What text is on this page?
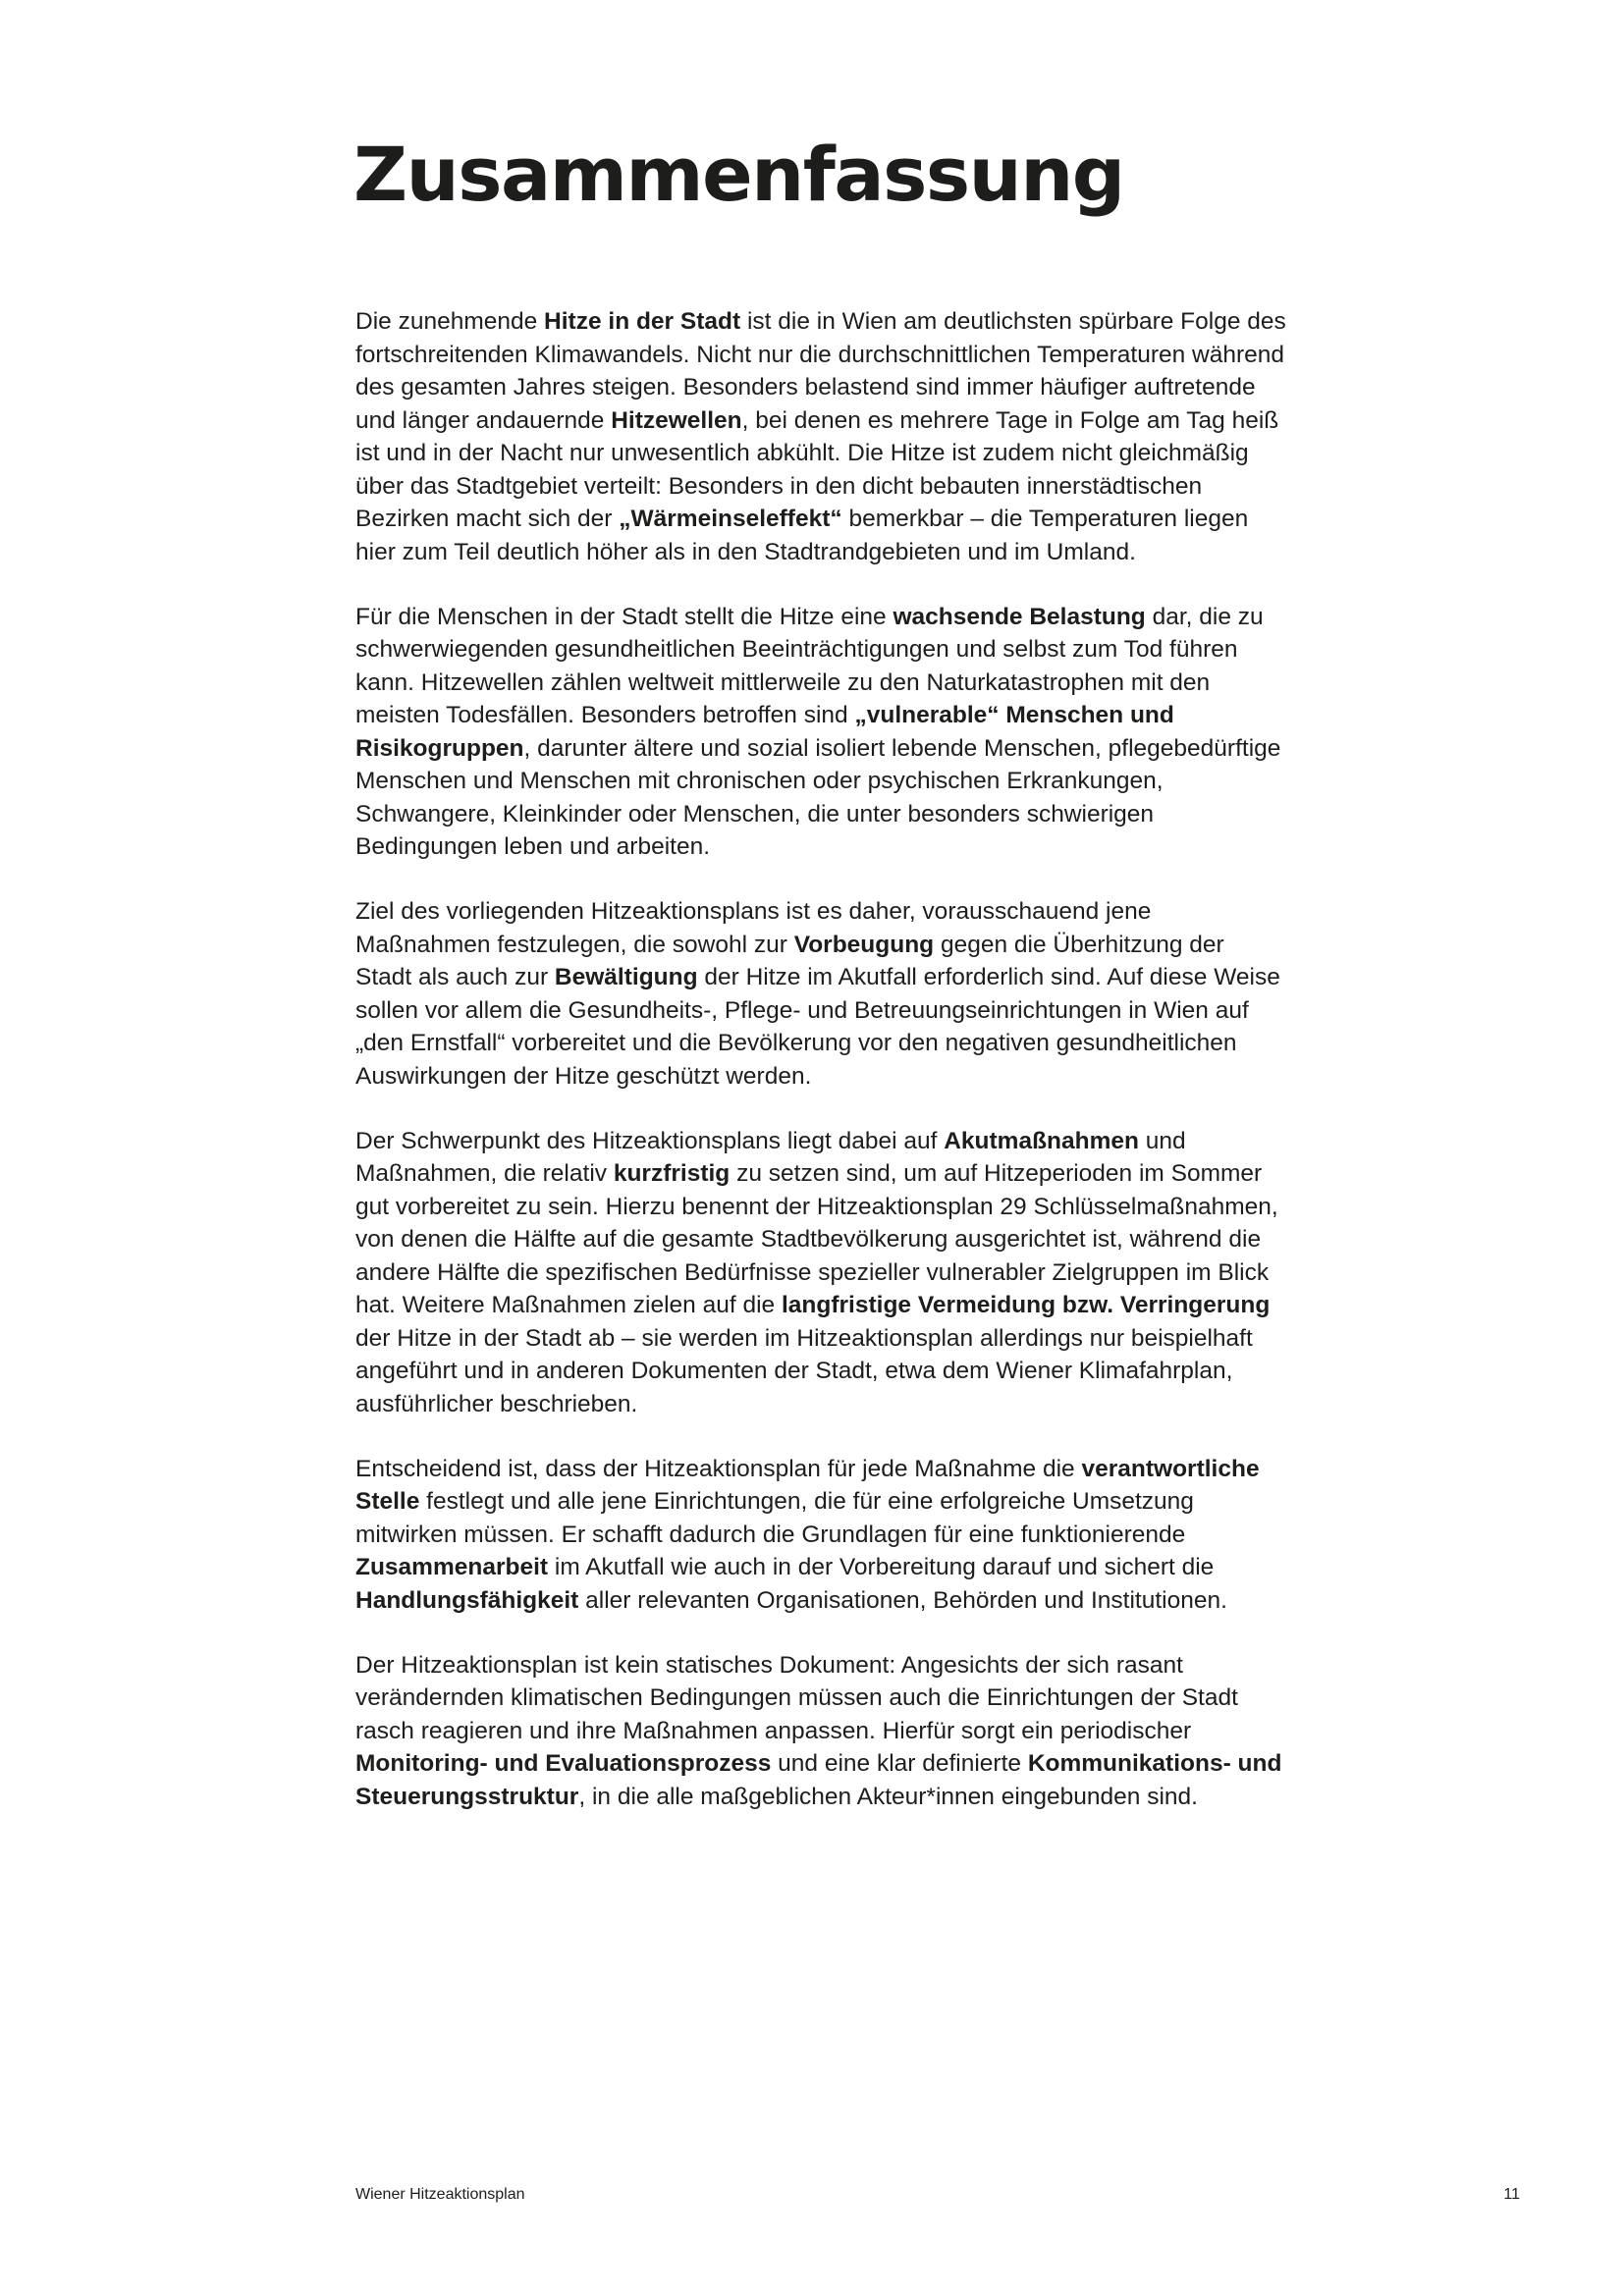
Zusammenfassung

Die zunehmende Hitze in der Stadt ist die in Wien am deutlichsten spürbare Folge des fortschreitenden Klimawandels. Nicht nur die durchschnittlichen Temperaturen während des gesamten Jahres steigen. Besonders belastend sind immer häufiger auftretende und länger andauernde Hitzewellen, bei denen es mehrere Tage in Folge am Tag heiß ist und in der Nacht nur unwesentlich abkühlt. Die Hitze ist zudem nicht gleichmäßig über das Stadtgebiet verteilt: Besonders in den dicht bebauten innerstädtischen Bezirken macht sich der „Wärmeinseleffekt“ bemerkbar – die Temperaturen liegen hier zum Teil deutlich höher als in den Stadtrandgebieten und im Umland.

Für die Menschen in der Stadt stellt die Hitze eine wachsende Belastung dar, die zu schwerwiegenden gesundheitlichen Beeinträchtigungen und selbst zum Tod führen kann. Hitzewellen zählen weltweit mittlerweile zu den Naturkatastrophen mit den meisten Todesfällen. Besonders betroffen sind „vulnerable“ Menschen und Risikogruppen, darunter ältere und sozial isoliert lebende Menschen, pflegebedürftige Menschen und Menschen mit chronischen oder psychischen Erkrankungen, Schwangere, Kleinkinder oder Menschen, die unter besonders schwierigen Bedingungen leben und arbeiten.

Ziel des vorliegenden Hitzeaktionsplans ist es daher, vorausschauend jene Maßnahmen festzulegen, die sowohl zur Vorbeugung gegen die Überhitzung der Stadt als auch zur Bewältigung der Hitze im Akutfall erforderlich sind. Auf diese Weise sollen vor allem die Gesundheits-, Pflege- und Betreuungseinrichtungen in Wien auf „den Ernstfall“ vorbereitet und die Bevölkerung vor den negativen gesundheitlichen Auswirkungen der Hitze geschützt werden.

Der Schwerpunkt des Hitzeaktionsplans liegt dabei auf Akutmaßnahmen und Maßnahmen, die relativ kurzfristig zu setzen sind, um auf Hitzeperioden im Sommer gut vorbereitet zu sein. Hierzu benennt der Hitzeaktionsplan 29 Schlüsselmaßnahmen, von denen die Hälfte auf die gesamte Stadtbevölkerung ausgerichtet ist, während die andere Hälfte die spezifischen Bedürfnisse spezieller vulnerabler Zielgruppen im Blick hat. Weitere Maßnahmen zielen auf die langfristige Vermeidung bzw. Verringerung der Hitze in der Stadt ab – sie werden im Hitzeaktionsplan allerdings nur beispielhaft angeführt und in anderen Dokumenten der Stadt, etwa dem Wiener Klimafahrplan, ausführlicher beschrieben.

Entscheidend ist, dass der Hitzeaktionsplan für jede Maßnahme die verantwortliche Stelle festlegt und alle jene Einrichtungen, die für eine erfolgreiche Umsetzung mitwirken müssen. Er schafft dadurch die Grundlagen für eine funktionierende Zusammenarbeit im Akutfall wie auch in der Vorbereitung darauf und sichert die Handlungsfähigkeit aller relevanten Organisationen, Behörden und Institutionen.

Der Hitzeaktionsplan ist kein statisches Dokument: Angesichts der sich rasant verändernden klimatischen Bedingungen müssen auch die Einrichtungen der Stadt rasch reagieren und ihre Maßnahmen anpassen. Hierfür sorgt ein periodischer Monitoring- und Evaluationsprozess und eine klar definierte Kommunikations- und Steuerungsstruktur, in die alle maßgeblichen Akteur*innen eingebunden sind.

Wiener Hitzeaktionsplan	11
